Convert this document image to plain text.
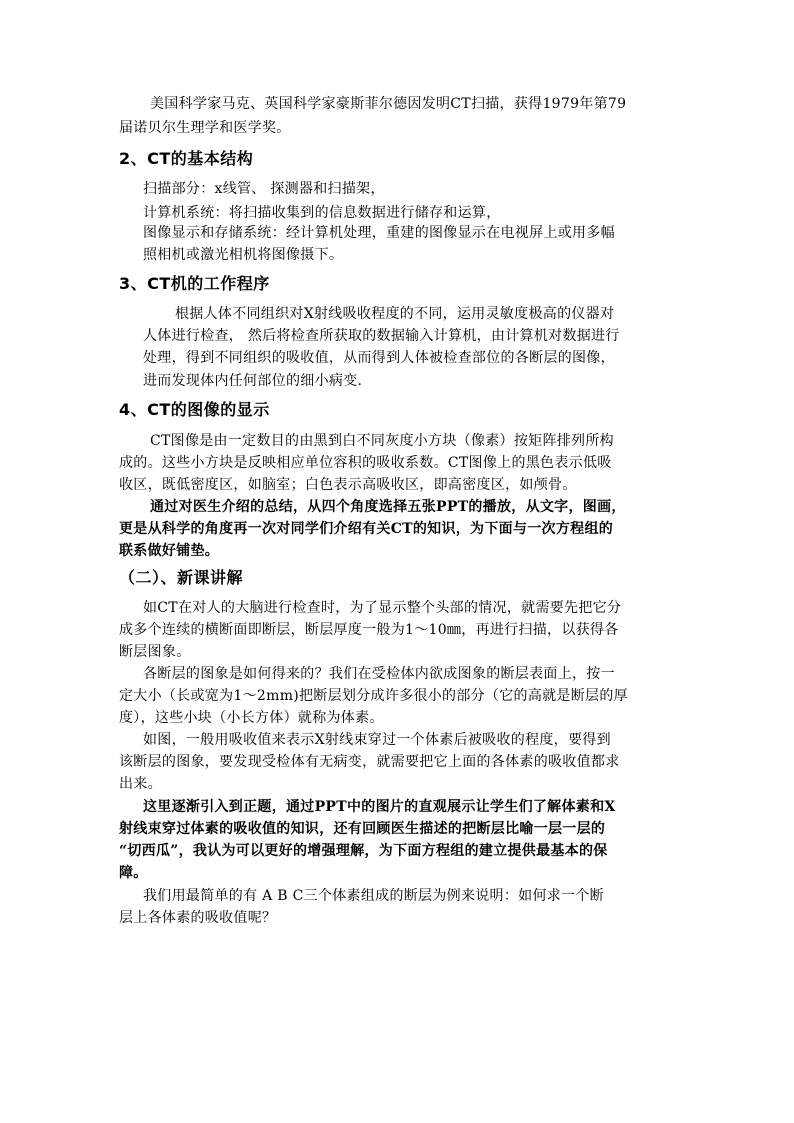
美国科学家马克、英国科学家豪斯菲尔德因发明CT扫描，获得1979年第79

届诺贝尔生理学和医学奖。

2、CT的基本结构

扫描部分：x线管、 探测器和扫描架，

计算机系统：将扫描收集到的信息数据进行储存和运算，

图像显示和存储系统：经计算机处理，重建的图像显示在电视屏上或用多幅

照相机或激光相机将图像摄下。

3、CT机的工作程序

根据人体不同组织对X射线吸收程度的不同，运用灵敏度极高的仪器对

人体进行检查， 然后将检查所获取的数据输入计算机，由计算机对数据进行

处理，得到不同组织的吸收值，从而得到人体被检查部位的各断层的图像，

进而发现体内任何部位的细小病变.

4、CT的图像的显示

CT图像是由一定数目的由黑到白不同灰度小方块（像素）按矩阵排列所构

成的。这些小方块是反映相应单位容积的吸收系数。CT图像上的黑色表示低吸

收区，既低密度区，如脑室；白色表示高吸收区，即高密度区，如颅骨。

通过对医生介绍的总结，从四个角度选择五张PPT的播放，从文字，图画，

更是从科学的角度再一次对同学们介绍有关CT的知识，为下面与一次方程组的

联系做好铺垫。

（二）、新课讲解

如CT在对人的大脑进行检查时，为了显示整个头部的情况，就需要先把它分

成多个连续的横断面即断层，断层厚度一般为1～10㎜，再进行扫描，以获得各

断层图象。

各断层的图象是如何得来的？我们在受检体内欲成图象的断层表面上，按一

定大小（长或宽为1～2mm)把断层划分成许多很小的部分（它的高就是断层的厚

度），这些小块（小长方体）就称为体素。

如图，一般用吸收值来表示X射线束穿过一个体素后被吸收的程度，要得到

该断层的图象，要发现受检体有无病变，就需要把它上面的各体素的吸收值都求

出来。

这里逐渐引入到正题，通过PPT中的图片的直观展示让学生们了解体素和X

射线束穿过体素的吸收值的知识，还有回顾医生描述的把断层比喻一层一层的

“切西瓜”，我认为可以更好的增强理解，为下面方程组的建立提供最基本的保

障。

我们用最简单的有 A B C三个体素组成的断层为例来说明：如何求一个断

层上各体素的吸收值呢？
